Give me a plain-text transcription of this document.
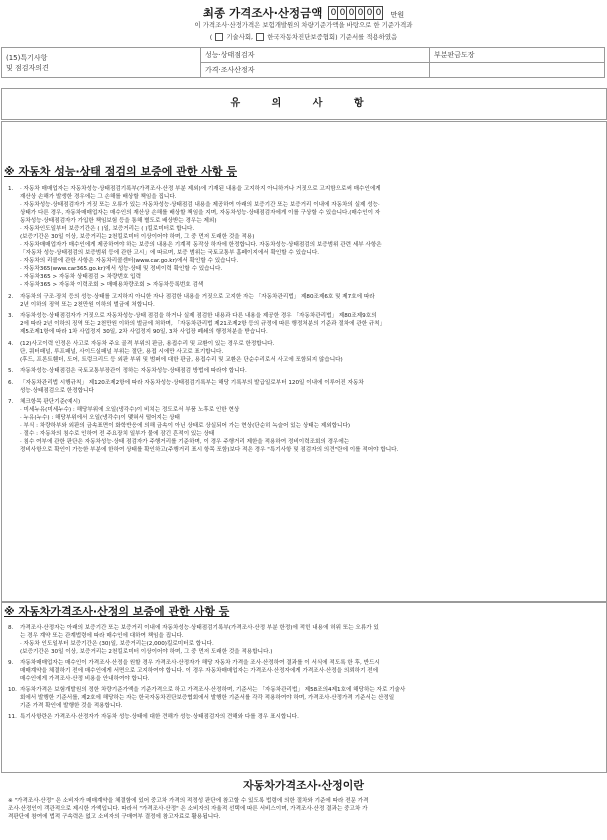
최종 가격조사·산정금액 0 0 0 0 0 0	만원
이 가격조사·산정가격은 보험개발원의 차량기준가액을 바탕으로 한 기준가격과
( 기술사회, 한국자동차진단보증협회) 기준서를 적용하였음
(15)특기사항
및 점검자의견	성능·상태점검자	부분판금도장
	가격·조사산정자	
유 의 사 항
※ 자동차 성능·상태 점검의 보증에 관한 사항 등
1. · 자동차 매매업자는 자동차성능·상태점검기록부(가격조사·산정 부분 제외)에 기재된 내용을 고지하지 아니하거나 거짓으로 고지함으로써 매수인에게
재산상 손해가 발생한 경우에는 그 손해를 배상할 책임을 집니다.
· 자동차성능·상태점검자가 거짓 또는 오류가 있는 자동차성능·상태점검 내용을 제공하여 아래의 보증기간 또는 보증거리 이내에 자동차의 실제 성능·
상태가 다른 경우, 자동차매매업자는 매수인의 재산상 손해를 배상할 책임을 지며, 자동차성능·상태점검자에게 이를 구상할 수 있습니다.(매수인이 자
동차성능·상태점검자가 가입한 책임보험 등을 통해 별도로 배상받는 경우는 제외)
· 자동차인도일부터 보증기간은 ( )일, 보증거리는 ( )킬로미터로 합니다.
(보증기간은 30일 이상, 보증거리는 2천킬로미터 이상이어야 하며, 그 중 먼저 도래한 것을 적용)
· 자동차매매업자가 매수인에게 제공하여야 하는 보증의 내용은 기계적 동작상 하자에 한정합니다. 자동차성능·상태점검의 보증범위 관련 세부 사항은
「자동차 성능·상태점검의 보증범위 등에 관한 고시」에 따르며, 보증 범위는 국토교통부 홈페이지에서 확인할 수 있습니다.
· 자동차의 리콜에 관한 사항은 자동차리콜센터(www.car.go.kr)에서 확인할 수 있습니다.
· 자동차365(www.car365.go.kr)에서 성능·상태 및 정비이력 확인할 수 있습니다.
- 자동차365 > 자동차 상태점검 > 차량번호 입력
- 자동차365 > 자동차 이력조회 > 매매용차량조회 > 자동차등록번호 검색
2. 자동차의 구조·장치 등의 성능·상태를 고지하지 아니한 자나 점검한 내용을 거짓으로 고지한 자는 「자동차관리법」 제80조제6호 및 제7호에 따라
2년 이하의 징역 또는 2천만원 이하의 벌금에 처합니다.
3. 자동차성능·상태점검자가 거짓으로 자동차성능·상태 점검을 하거나 실제 점검한 내용과 다른 내용을 제공한 경우 「자동차관리법」 제80조제9호의
2에 따라 2년 이하의 징역 또는 2천만원 이하의 벌금에 처하며, 「자동차관리법 제21조제2항 등의 규정에 따른 행정처분의 기준과 절차에 관한 규칙」
제5조제1항에 따라 1차 사업정지 30일, 2차 사업정지 90일, 3차 사업장 폐쇄의 행정처분을 받습니다.
4. (12)사고이력 인정은 사고로 자동차 주요 골격 부위의 판금, 용접수리 및 교환이 있는 경우로 한정합니다.
단, 쿼터패널, 루프패널, 사이드실패널 부위는 절단, 용접 시에만 사고로 표기합니다.
(후드, 프론트휀더, 도어, 트렁크리드 등 외판 부위 및 범퍼에 대한 판금, 용접수리 및 교환은 단순수리로서 사고에 포함되지 않습니다)
5. 자동차성능·상태점검은 국토교통부장관이 정하는 자동차성능·상태점검 방법에 따라야 합니다.
6. 「자동차관리법 시행규칙」 제120조제2항에 따라 자동차성능·상태점검기록부는 해당 기록부의 발급일로부터 120일 이내에 이루어진 자동차
성능·상태점검으로 한정합니다
7. 체크항목 판단기준(예시)
· 미세누유(미세누수) : 해당부위에 오일(냉각수)이 비치는 정도로서 부품 노후로 인한 현상
· 누유(누수) : 해당부위에서 오일(냉각수)이 맺혀서 떨어지는 상태
· 부식 : 차량하부와 외판의 금속표면이 화학반응에 의해 금속이 아닌 상태로 상실되어 가는 현상(단순히 녹슬어 있는 상태는 제외합니다)
· 절수 : 자동차의 침수로 인하여 전 주요장치 일부가 물에 잠긴 흔적이 있는 상태
· 침수 여부에 관한 판단은 자동차성능·상태 점검자가 주행거리를 기준하며, 이 경우 주행거리 제한을 적용하여 정비이력조회의 경우에는
정비사항으로 확인이 가능한 부분에 한하여 상태를 확인하고(주행거리 표시 항목 포함)보다 적은 경우 "특기사항 및 점검자의 의견"란에 이를 적어야 합니다.
※ 자동차가격조사·산정의 보증에 관한 사항 등
8. 가격조사·산정자는 아래의 보증기간 또는 보증거리 이내에 자동차성능·상태점검기록부(가격조사·산정 부분 한정)에 적힌 내용에 허위 또는 오류가 있
는 경우 계약 또는 관계법령에 따라 매수인에 대하여 책임을 집니다.
· 자동차 인도일부터 보증기간은 (30)일, 보증거리는(2,000)킬로미터로 합니다.
(보증기간은 30일 이상, 보증거리는 2천킬로미터 이상이어야 하며, 그 중 먼저 도래한 것을 적용합니다.)
9. 자동차매매업자는 매수인이 가격조사·산정을 원할 경우 가격조사·산정자가 해당 자동차 가격을 조사·산정하여 결과를 이 서식에 적도록 한 후, 반드시
매매계약을 체결하기 전에 매수인에게 서면으로 고지하여야 합니다. 이 경우 자동차매매업자는 가격조사·산정자에게 가격조사·산정을 의뢰하기 전에
매수인에게 가격조사·산정 비용을 안내하여야 합니다.
10. 자동차가격은 보험개발원의 정한 차량기준가액을 기준가격으로 하고 가격조사·산정하며, 기준서는 「자동차관리법」 제58조의4제1호에 해당하는 자로 기술사
회에서 발행한 기준서를, 제2호에 해당하는 자는 한국자동차진단보증협회에서 발행한 기준서를 각각 적용하여야 하며, 가격조사·산정가격 기준서는 산정일
기준 가격 확인에 발행한 것을 적용합니다.
11. 특기사항란은 가격조사·산정자가 자동차 성능·상태에 대한 견해가 성능·상태점검자의 견해와 다를 경우 표시합니다.
자동차가격조사·산정이란
※ "가격조사·산정" 은 소비자가 매매계약을 체결함에 있어 중고차 가격의 적정성 판단에 참고할 수 있도록 법령에 의한 절차와 기준에 따라 전문 가격
조사·산정인이 객관적으로 제시한 가액입니다. 따라서 "가격조사·산정" 은 소비자의 자율적 선택에 따른 서비스이며, 가격조사·산정 결과는 중고차 가
격판단에 참여에 법적 구속력은 없고 소비자의 구매여부 결정에 참고자료로 활용됩니다.
